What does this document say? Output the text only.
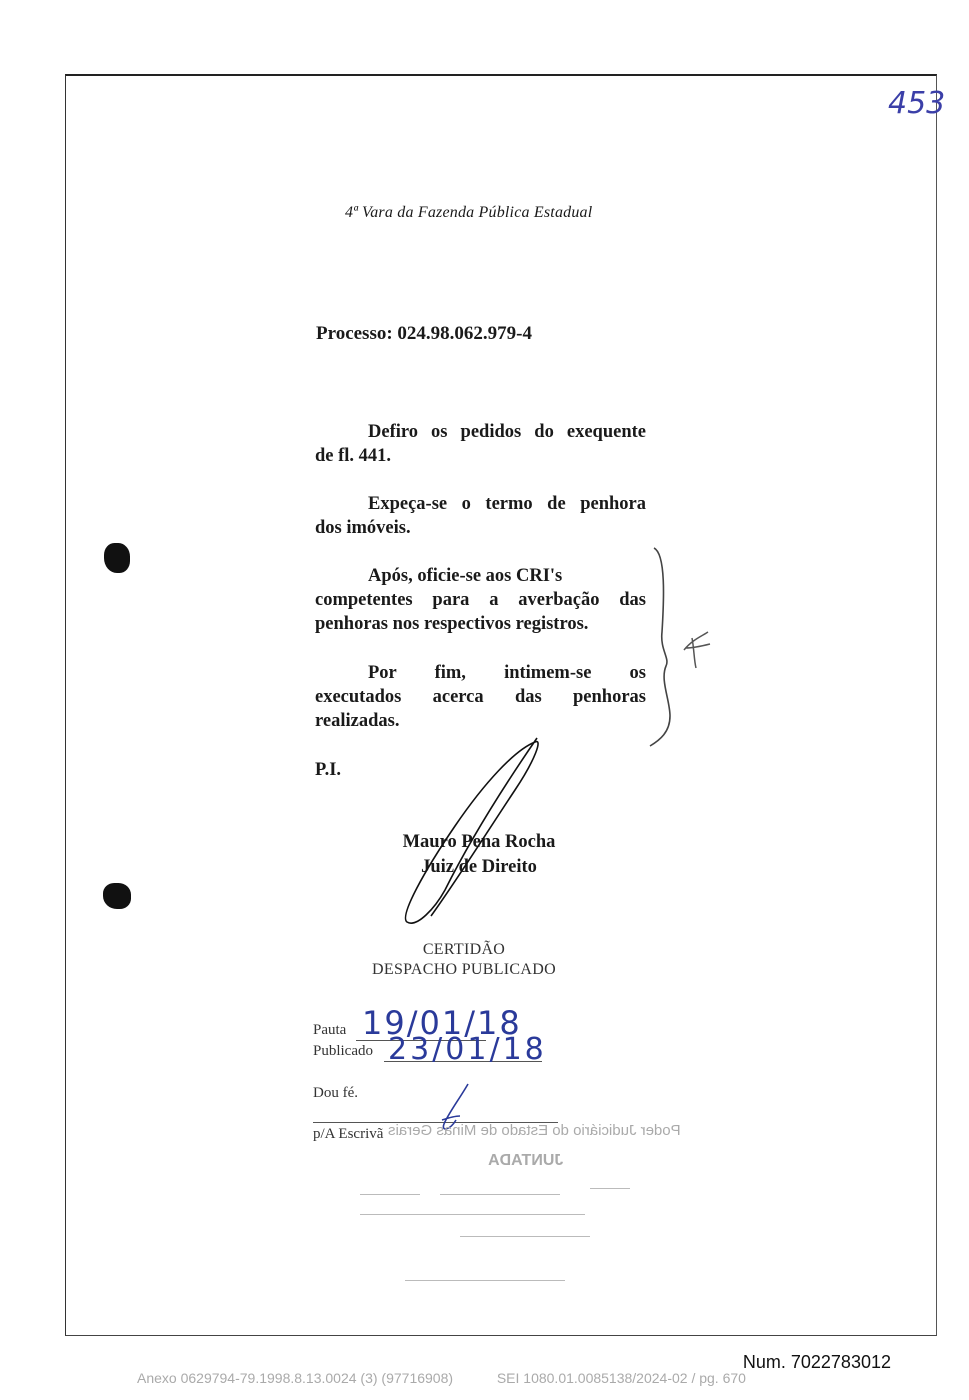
453
4ª Vara da Fazenda Pública Estadual
Processo: 024.98.062.979-4
Defiro os pedidos do exequente
de fl. 441.
Expeça-se o termo de penhora
dos imóveis.
Após, oficie-se aos CRI's
competentes para a averbação das
penhoras nos respectivos registros.
Por fim, intimem-se os
executados acerca das penhoras
realizadas.
P.I.
Mauro Pena Rocha
Juiz de Direito
CERTIDÃO
DESPACHO PUBLICADO
Pauta 19/01/18
Publicado 23/01/18
Dou fé.
p/A Escrivã Poder Judiciário do Estado de Minas Gerais
JUNTADA
Num. 7022783012
Anexo 0629794-79.1998.8.13.0024 (3) (97716908)	SEI 1080.01.0085138/2024-02 / pg. 670
